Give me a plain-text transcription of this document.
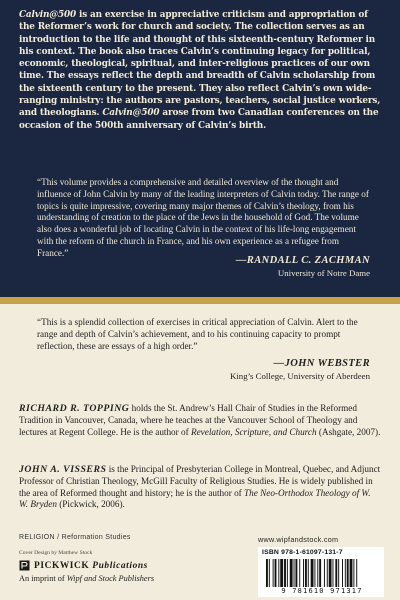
Calvin@500 is an exercise in appreciative criticism and appropriation of the Reformer’s work for church and society. The collection serves as an introduction to the life and thought of this sixteenth-century Reformer in his context. The book also traces Calvin’s continuing legacy for political, economic, theological, spiritual, and inter-religious practices of our own time. The essays reflect the depth and breadth of Calvin scholarship from the sixteenth century to the present. They also reflect Calvin’s own wide-ranging ministry: the authors are pastors, teachers, social justice workers, and theologians. Calvin@500 arose from two Canadian conferences on the occasion of the 500th anniversary of Calvin’s birth.

“This volume provides a comprehensive and detailed overview of the thought and influence of John Calvin by many of the leading interpreters of Calvin today. The range of topics is quite impressive, covering many major themes of Calvin’s theology, from his understanding of creation to the place of the Jews in the household of God. The volume also does a wonderful job of locating Calvin in the context of his life-long engagement with the reform of the church in France, and his own experience as a refugee from France.”

—RANDALL C. ZACHMAN

University of Notre Dame

“This is a splendid collection of exercises in critical appreciation of Calvin. Alert to the range and depth of Calvin’s achievement, and to his continuing capacity to prompt reflection, these are essays of a high order.”

—JOHN WEBSTER

King’s College, University of Aberdeen

RICHARD R. TOPPING holds the St. Andrew’s Hall Chair of Studies in the Reformed Tradition in Vancouver, Canada, where he teaches at the Vancouver School of Theology and lectures at Regent College. He is the author of Revelation, Scripture, and Church (Ashgate, 2007).

JOHN A. VISSERS is the Principal of Presbyterian College in Montreal, Quebec, and Adjunct Professor of Christian Theology, McGill Faculty of Religious Studies. He is widely published in the area of Reformed thought and history; he is the author of The Neo-Orthodox Theology of W. W. Bryden (Pickwick, 2006).

RELIGION / Reformation Studies

Cover Design by Matthew Stock

PICKWICK Publications

An imprint of Wipf and Stock Publishers

www.wipfandstock.com

ISBN 978-1-61097-131-7

9 781610 971317
